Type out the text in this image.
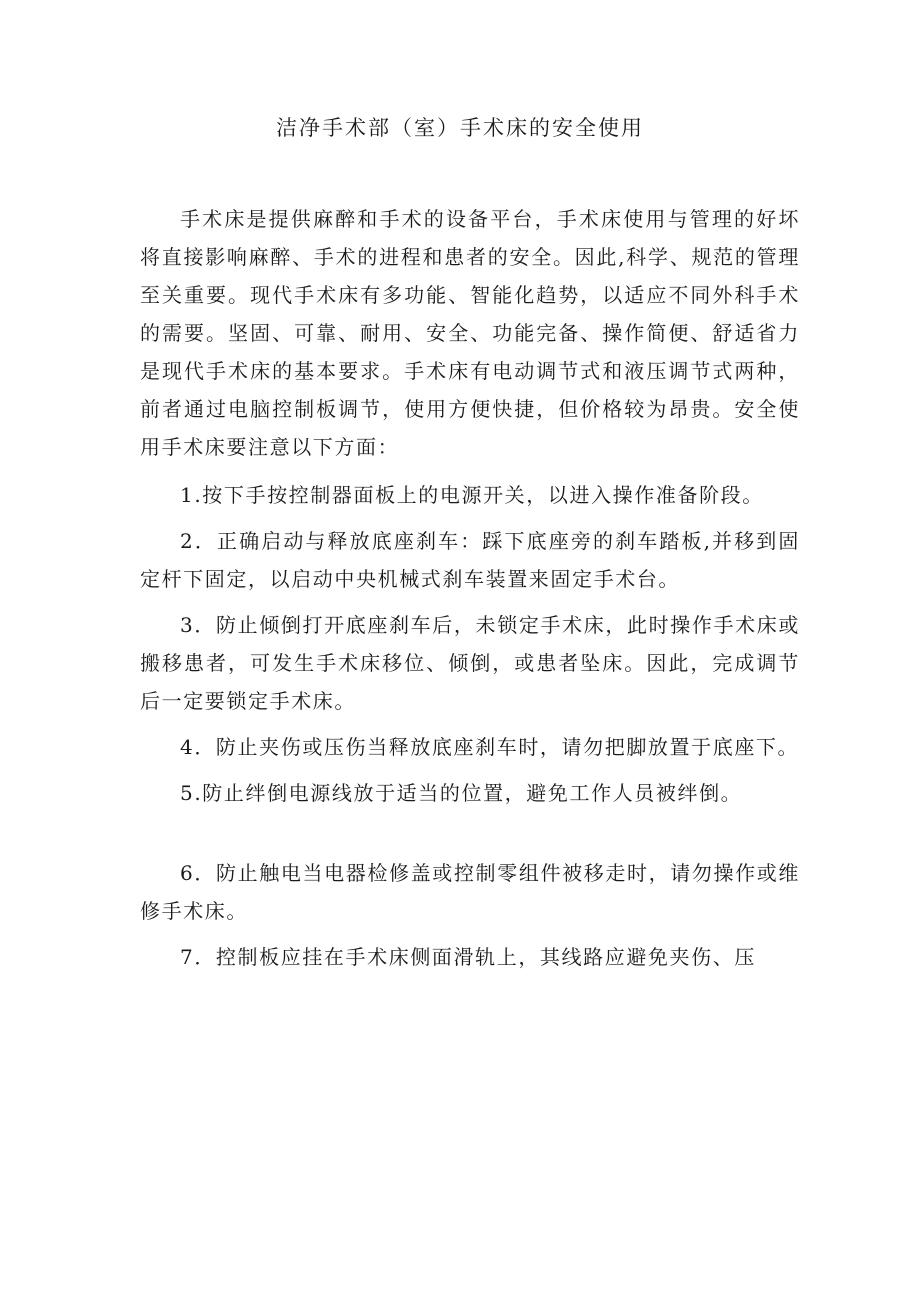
洁净手术部（室）手术床的安全使用

手术床是提供麻醉和手术的设备平台，手术床使用与管理的好坏将直接影响麻醉、手术的进程和患者的安全。因此,科学、规范的管理至关重要。现代手术床有多功能、智能化趋势，以适应不同外科手术的需要。坚固、可靠、耐用、安全、功能完备、操作简便、舒适省力是现代手术床的基本要求。手术床有电动调节式和液压调节式两种，前者通过电脑控制板调节，使用方便快捷，但价格较为昂贵。安全使用手术床要注意以下方面：

1.按下手按控制器面板上的电源开关，以进入操作准备阶段。

2．正确启动与释放底座刹车：踩下底座旁的刹车踏板,并移到固定杆下固定，以启动中央机械式刹车装置来固定手术台。

3．防止倾倒打开底座刹车后，未锁定手术床，此时操作手术床或搬移患者，可发生手术床移位、倾倒，或患者坠床。因此，完成调节后一定要锁定手术床。

4．防止夹伤或压伤当释放底座刹车时，请勿把脚放置于底座下。

5.防止绊倒电源线放于适当的位置，避免工作人员被绊倒。

6．防止触电当电器检修盖或控制零组件被移走时，请勿操作或维修手术床。

7．控制板应挂在手术床侧面滑轨上，其线路应避免夹伤、压
